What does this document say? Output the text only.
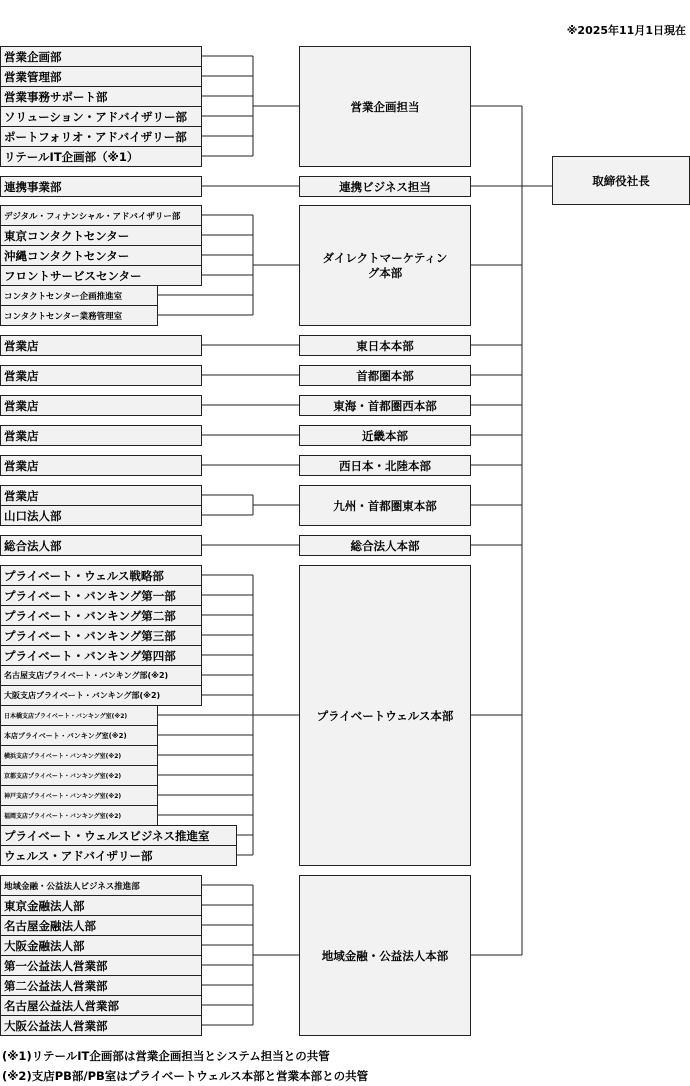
※2025年11月1日現在
取締役社長
営業企画部
営業管理部
営業事務サポート部
ソリューション・アドバイザリー部
ポートフォリオ・アドバイザリー部
リテールIT企画部（※1）
営業企画担当
連携事業部	連携ビジネス担当
デジタル・フィナンシャル・アドバイザリー部
東京コンタクトセンター
沖縄コンタクトセンター
フロントサービスセンター
コンタクトセンター企画推進室
コンタクトセンター業務管理室
ダイレクトマーケティング本部
営業店	東日本本部
営業店	首都圏本部
営業店	東海・首都圏西本部
営業店	近畿本部
営業店	西日本・北陸本部
営業店
山口法人部
九州・首都圏東本部
総合法人部	総合法人本部
プライベート・ウェルス戦略部
プライベート・バンキング第一部
プライベート・バンキング第二部
プライベート・バンキング第三部
プライベート・バンキング第四部
名古屋支店プライベート・バンキング部(※2)
大阪支店プライベート・バンキング部(※2)
日本橋支店プライベート・バンキング室(※2)
本店プライベート・バンキング室(※2)
横浜支店プライベート・バンキング室(※2)
京都支店プライベート・バンキング室(※2)
神戸支店プライベート・バンキング室(※2)
福岡支店プライベート・バンキング室(※2)
プライベート・ウェルスビジネス推進室
ウェルス・アドバイザリー部
プライベートウェルス本部
地域金融・公益法人ビジネス推進部
東京金融法人部
名古屋金融法人部
大阪金融法人部
第一公益法人営業部
第二公益法人営業部
名古屋公益法人営業部
大阪公益法人営業部
地域金融・公益法人本部
(※1)リテールIT企画部は営業企画担当とシステム担当との共管
(※2)支店PB部/PB室はプライベートウェルス本部と営業本部との共管
